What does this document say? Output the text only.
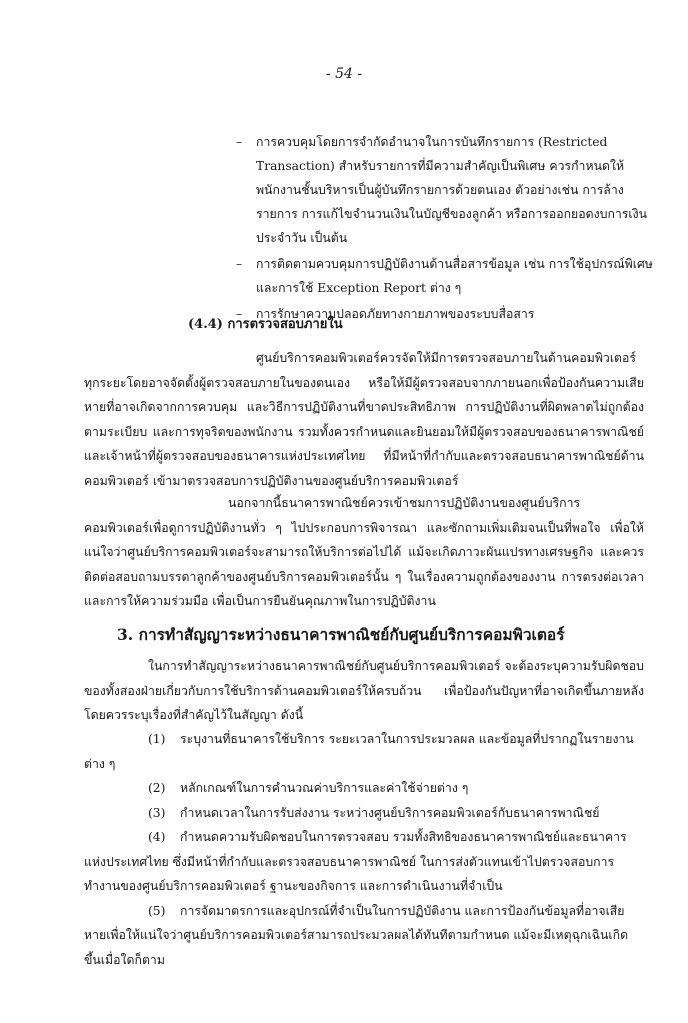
- 54 -
– การควบคุมโดยการจำกัดอำนาจในการบันทึกรายการ (Restricted Transaction) สำหรับรายการที่มีความสำคัญเป็นพิเศษ ควรกำหนดให้พนักงานชั้นบริหารเป็นผู้บันทึกรายการด้วยตนเอง ตัวอย่างเช่น การล้างรายการ การแก้ไขจำนวนเงินในบัญชีของลูกค้า หรือการออกยอดงบการเงินประจำวัน เป็นต้น
– การติดตามควบคุมการปฏิบัติงานด้านสื่อสารข้อมูล เช่น การใช้อุปกรณ์พิเศษและการใช้ Exception Report ต่าง ๆ
– การรักษาความปลอดภัยทางกายภาพของระบบสื่อสาร
(4.4) การตรวจสอบภายใน
ศูนย์บริการคอมพิวเตอร์ควรจัดให้มีการตรวจสอบภายในด้านคอมพิวเตอร์ทุกระยะโดยอาจจัดตั้งผู้ตรวจสอบภายในของตนเอง หรือให้มีผู้ตรวจสอบจากภายนอกเพื่อป้องกันความเสียหายที่อาจเกิดจากการควบคุม และวิธีการปฏิบัติงานที่ขาดประสิทธิภาพ การปฏิบัติงานที่ผิดพลาดไม่ถูกต้องตามระเบียบ และการทุจริตของพนักงาน รวมทั้งควรกำหนดและยินยอมให้มีผู้ตรวจสอบของธนาคารพาณิชย์ และเจ้าหน้าที่ผู้ตรวจสอบของธนาคารแห่งประเทศไทย ที่มีหน้าที่กำกับและตรวจสอบธนาคารพาณิชย์ด้านคอมพิวเตอร์ เข้ามาตรวจสอบการปฏิบัติงานของศูนย์บริการคอมพิวเตอร์
นอกจากนี้ธนาคารพาณิชย์ควรเข้าชมการปฏิบัติงานของศูนย์บริการคอมพิวเตอร์เพื่อดูการปฏิบัติงานทั่ว ๆ ไปประกอบการพิจารณา และซักถามเพิ่มเติมจนเป็นที่พอใจ เพื่อให้แน่ใจว่าศูนย์บริการคอมพิวเตอร์จะสามารถให้บริการต่อไปได้ แม้จะเกิดภาวะผันแปรทางเศรษฐกิจ และควรติดต่อสอบถามบรรดาลูกค้าของศูนย์บริการคอมพิวเตอร์นั้น ๆ ในเรื่องความถูกต้องของงาน การตรงต่อเวลา และการให้ความร่วมมือ เพื่อเป็นการยืนยันคุณภาพในการปฏิบัติงาน
3. การทำสัญญาระหว่างธนาคารพาณิชย์กับศูนย์บริการคอมพิวเตอร์
ในการทำสัญญาระหว่างธนาคารพาณิชย์กับศูนย์บริการคอมพิวเตอร์ จะต้องระบุความรับผิดชอบของทั้งสองฝ่ายเกี่ยวกับการใช้บริการด้านคอมพิวเตอร์ให้ครบถ้วน เพื่อป้องกันปัญหาที่อาจเกิดขึ้นภายหลัง โดยควรระบุเรื่องที่สำคัญไว้ในสัญญา ดังนี้
(1) ระบุงานที่ธนาคารใช้บริการ ระยะเวลาในการประมวลผล และข้อมูลที่ปรากฏในรายงานต่าง ๆ
(2) หลักเกณฑ์ในการคำนวณค่าบริการและค่าใช้จ่ายต่าง ๆ
(3) กำหนดเวลาในการรับส่งงาน ระหว่างศูนย์บริการคอมพิวเตอร์กับธนาคารพาณิชย์
(4) กำหนดความรับผิดชอบในการตรวจสอบ รวมทั้งสิทธิของธนาคารพาณิชย์และธนาคารแห่งประเทศไทย ซึ่งมีหน้าที่กำกับและตรวจสอบธนาคารพาณิชย์ ในการส่งตัวแทนเข้าไปตรวจสอบการทำงานของศูนย์บริการคอมพิวเตอร์ ฐานะของกิจการ และการดำเนินงานที่จำเป็น
(5) การจัดมาตรการและอุปกรณ์ที่จำเป็นในการปฏิบัติงาน และการป้องกันข้อมูลที่อาจเสียหายเพื่อให้แน่ใจว่าศูนย์บริการคอมพิวเตอร์สามารถประมวลผลได้ทันทีตามกำหนด แม้จะมีเหตุฉุกเฉินเกิดขึ้นเมื่อใดก็ตาม
